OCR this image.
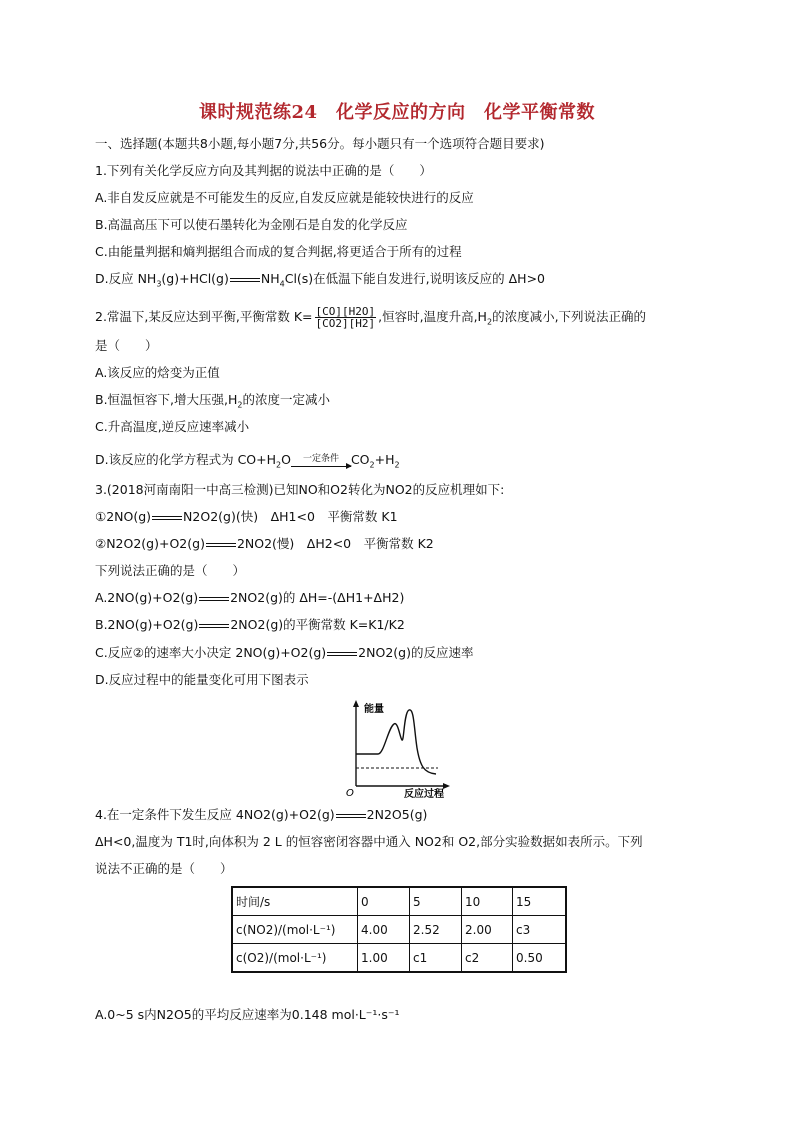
课时规范练24　化学反应的方向　化学平衡常数
一、选择题(本题共8小题,每小题7分,共56分。每小题只有一个选项符合题目要求)
1.下列有关化学反应方向及其判据的说法中正确的是（　　）
A.非自发反应就是不可能发生的反应,自发反应就是能较快进行的反应
B.高温高压下可以使石墨转化为金刚石是自发的化学反应
C.由能量判据和熵判据组合而成的复合判据,将更适合于所有的过程
D.反应 $NH_3(g)+HCl(g)$	$NH_4Cl(s)$在低温下能自发进行,说明该反应的 ΔH>0
2.常温下,某反应达到平衡,平衡常数 $K= \frac{[CO][H2O]}{[CO2][H2]}$ ,恒容时,温度升高$,H_2$的浓度减小,下列说法正确的
是（　　）
A.该反应的焓变为正值
B.恒温恒容下,增大压强$,H_2$的浓度一定减小
C.升高温度,逆反应速率减小
D.该反应的化学方程式为 $CO+H_2O$	一定条件 $CO_2+H_2$
3.(2018河南南阳一中高三检测)已知NO和O2转化为NO2的反应机理如下:
①2NO(g)	N2O2(g)(快)　ΔH1<0　平衡常数 K1
②N2O2(g)+O2(g)	2NO2(慢)　ΔH2<0　平衡常数 K2
下列说法正确的是（　　）
A.2NO(g)+O2(g)	2NO2(g)的 ΔH=-(ΔH1+ΔH2)
B.2NO(g)+O2(g)	2NO2(g)的平衡常数 K=K1/K2
C.反应②的速率大小决定 2NO(g)+O2(g)	2NO2(g)的反应速率
D.反应过程中的能量变化可用下图表示
能量
O	反应过程
4.在一定条件下发生反应 4NO2(g)+O2(g)	2N2O5(g)
ΔH<0,温度为 T1时,向体积为 2 L 的恒容密闭容器中通入 NO2和 O2,部分实验数据如表所示。下列
说法不正确的是（　　）
时间/s	0	5	10	15
c(NO2)/(mol·L⁻¹)	4.00	2.52	2.00	c3
c(O2)/(mol·L⁻¹)	1.00	c1	c2	0.50
A.0~5 s内N2O5的平均反应速率为0.148 mol·L⁻¹·s⁻¹
